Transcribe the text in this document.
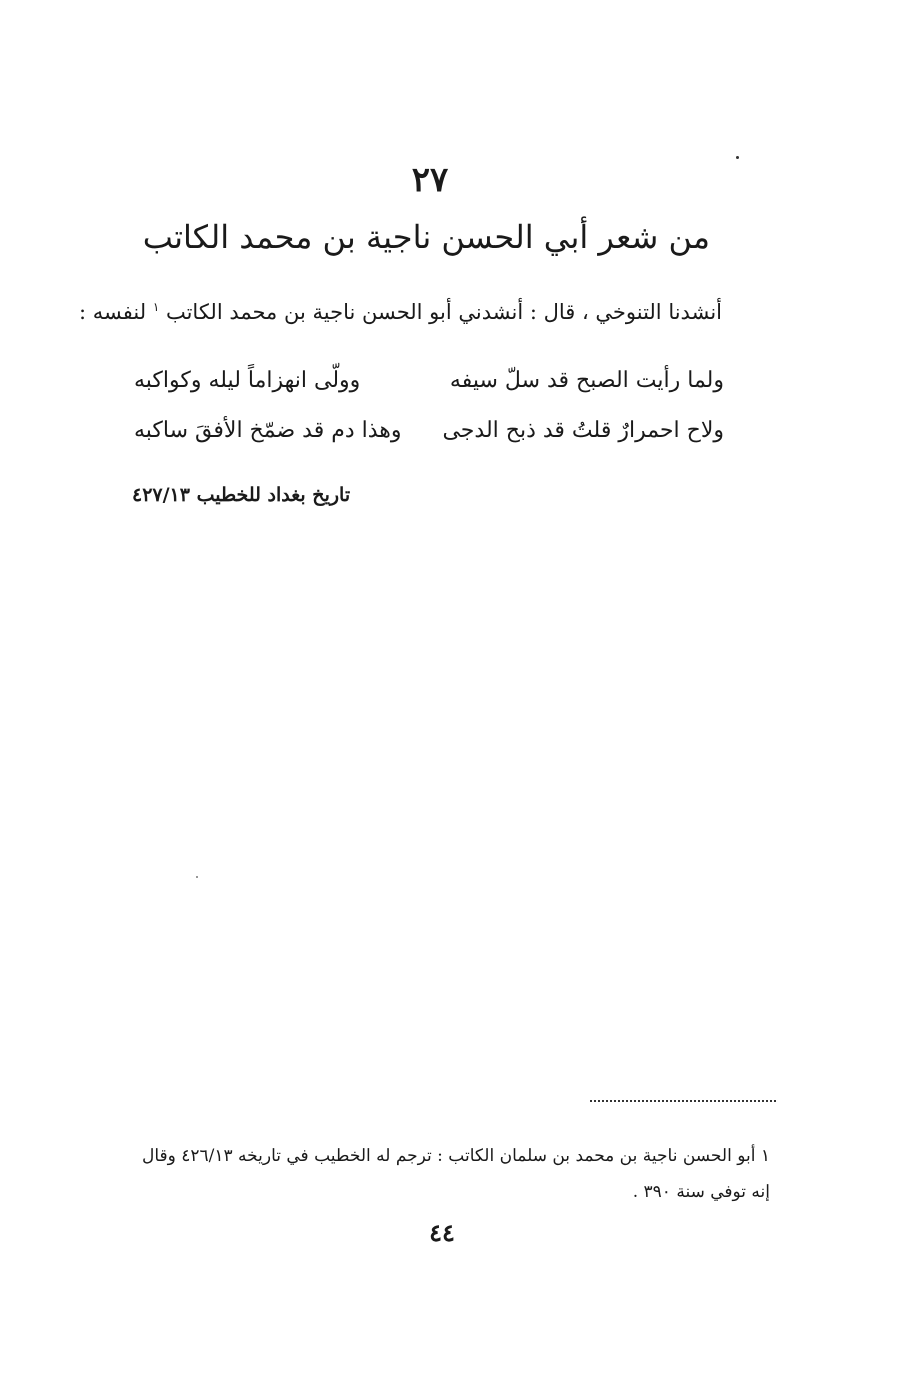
٢٧
من شعر أبي الحسن ناجية بن محمد الكاتب
أنشدنا التنوخي ، قال : أنشدني أبو الحسن ناجية بن محمد الكاتب $^١$ لنفسه :
ولما رأيت الصبح قد سلّ سيفه
وولّى انهزاماً ليله وكواكبه
ولاح احمرارٌ قلتُ قد ذبح الدجى
وهذا دم قد ضمّخ الأفقَ ساكبه
تاريخ بغداد للخطيب ٤٢٧/١٣
١ أبو الحسن ناجية بن محمد بن سلمان الكاتب : ترجم له الخطيب في تاريخه ٤٢٦/١٣ وقال
إنه توفي سنة ٣٩٠ .
٤٤
